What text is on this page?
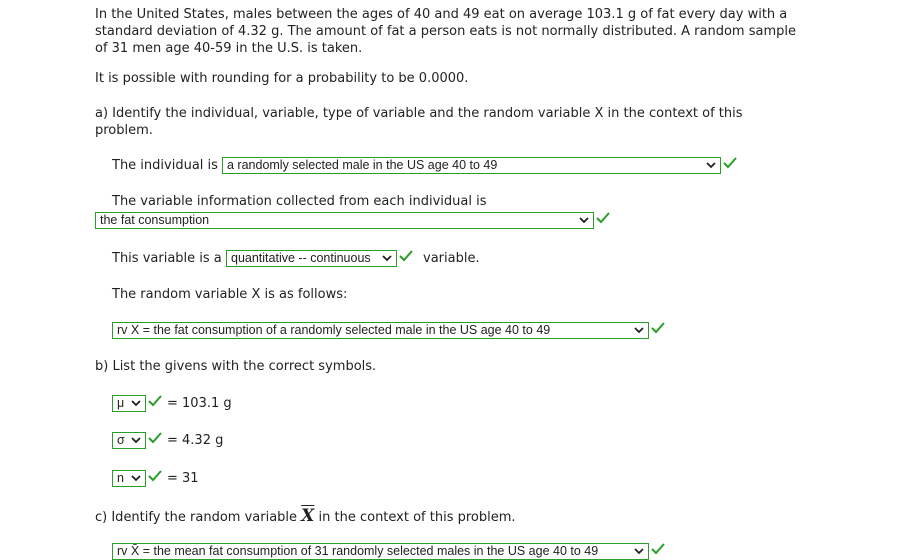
In the United States, males between the ages of 40 and 49 eat on average 103.1 g of fat every day with a
standard deviation of 4.32 g. The amount of fat a person eats is not normally distributed. A random sample
of 31 men age 40-59 in the U.S. is taken.
It is possible with rounding for a probability to be 0.0000.
a) Identify the individual, variable, type of variable and the random variable X in the context of this
problem.
The individual is a randomly selected male in the US age 40 to 49
The variable information collected from each individual is
the fat consumption
This variable is a quantitative -- continuous	variable.
The random variable X is as follows:
rv X = the fat consumption of a randomly selected male in the US age 40 to 49
b) List the givens with the correct symbols.
μ	= 103.1 g
σ	= 4.32 g
n	= 31
c) Identify the random variable $\overline{X}$ in the context of this problem.
rv X̄ = the mean fat consumption of 31 randomly selected males in the US age 40 to 49
